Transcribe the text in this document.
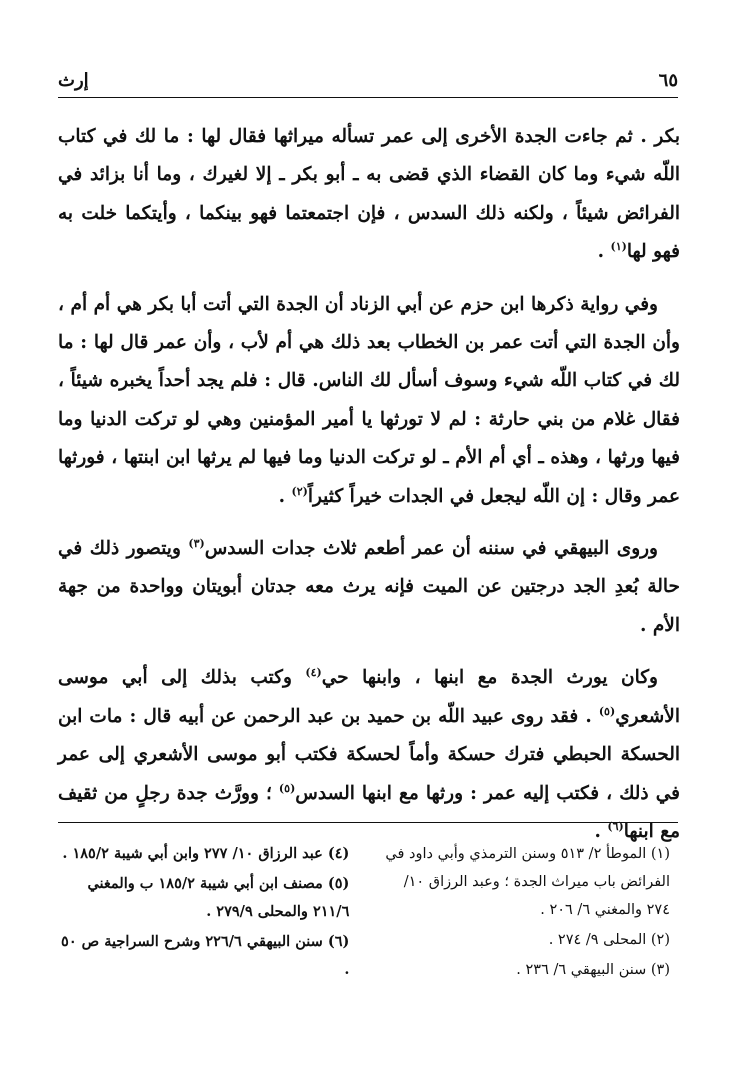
٦٥
إرث

بكر . ثم جاءت الجدة الأخرى إلى عمر تسأله ميراثها فقال لها : ما لك في كتاب اللّه شيء وما كان القضاء الذي قضى به ـ أبو بكر ـ إلا لغيرك ، وما أنا بزائد في الفرائض شيئاً ، ولكنه ذلك السدس ، فإن اجتمعتما فهو بينكما ، وأيتكما خلت به فهو لها$^{(١)}$ .

وفي رواية ذكرها ابن حزم عن أبي الزناد أن الجدة التي أتت أبا بكر هي أم أم ، وأن الجدة التي أتت عمر بن الخطاب بعد ذلك هي أم لأب ، وأن عمر قال لها : ما لك في كتاب اللّه شيء وسوف أسأل لك الناس. قال : فلم يجد أحداً يخبره شيئاً ، فقال غلام من بني حارثة : لم لا تورثها يا أمير المؤمنين وهي لو تركت الدنيا وما فيها ورثها ، وهذه ـ أي أم الأم ـ لو تركت الدنيا وما فيها لم يرثها ابن ابنتها ، فورثها عمر وقال : إن اللّه ليجعل في الجدات خيراً كثيراً$^{(٢)}$ .

وروى البيهقي في سننه أن عمر أطعم ثلاث جدات السدس$^{(٣)}$ ويتصور ذلك في حالة بُعدِ الجد درجتين عن الميت فإنه يرث معه جدتان أبويتان وواحدة من جهة الأم .

وكان يورث الجدة مع ابنها ، وابنها حي$^{(٤)}$ وكتب بذلك إلى أبي موسى الأشعري$^{(٥)}$ . فقد روى عبيد اللّه بن حميد بن عبد الرحمن عن أبيه قال : مات ابن الحسكة الحبطي فترك حسكة وأماً لحسكة فكتب أبو موسى الأشعري إلى عمر في ذلك ، فكتب إليه عمر : ورثها مع ابنها السدس$^{(٥)}$ ؛ وورَّث جدة رجلٍ من ثقيف مع ابنها$^{(٦)}$ .

(١) الموطأ ٢/ ٥١٣ وسنن الترمذي وأبي داود في الفرائض باب ميراث الجدة ؛ وعبد الرزاق ١٠/ ٢٧٤ والمغني ٦/ ٢٠٦ .
(٢) المحلى ٩/ ٢٧٤ .
(٣) سنن البيهقي ٦/ ٢٣٦ .
(٤) عبد الرزاق ١٠/ ٢٧٧ وابن أبي شيبة ١٨٥/٢ .
(٥) مصنف ابن أبي شيبة ١٨٥/٢ ب والمغني ٢١١/٦ والمحلى ٢٧٩/٩ .
(٦) سنن البيهقي ٢٢٦/٦ وشرح السراجية ص ٥٠ .
